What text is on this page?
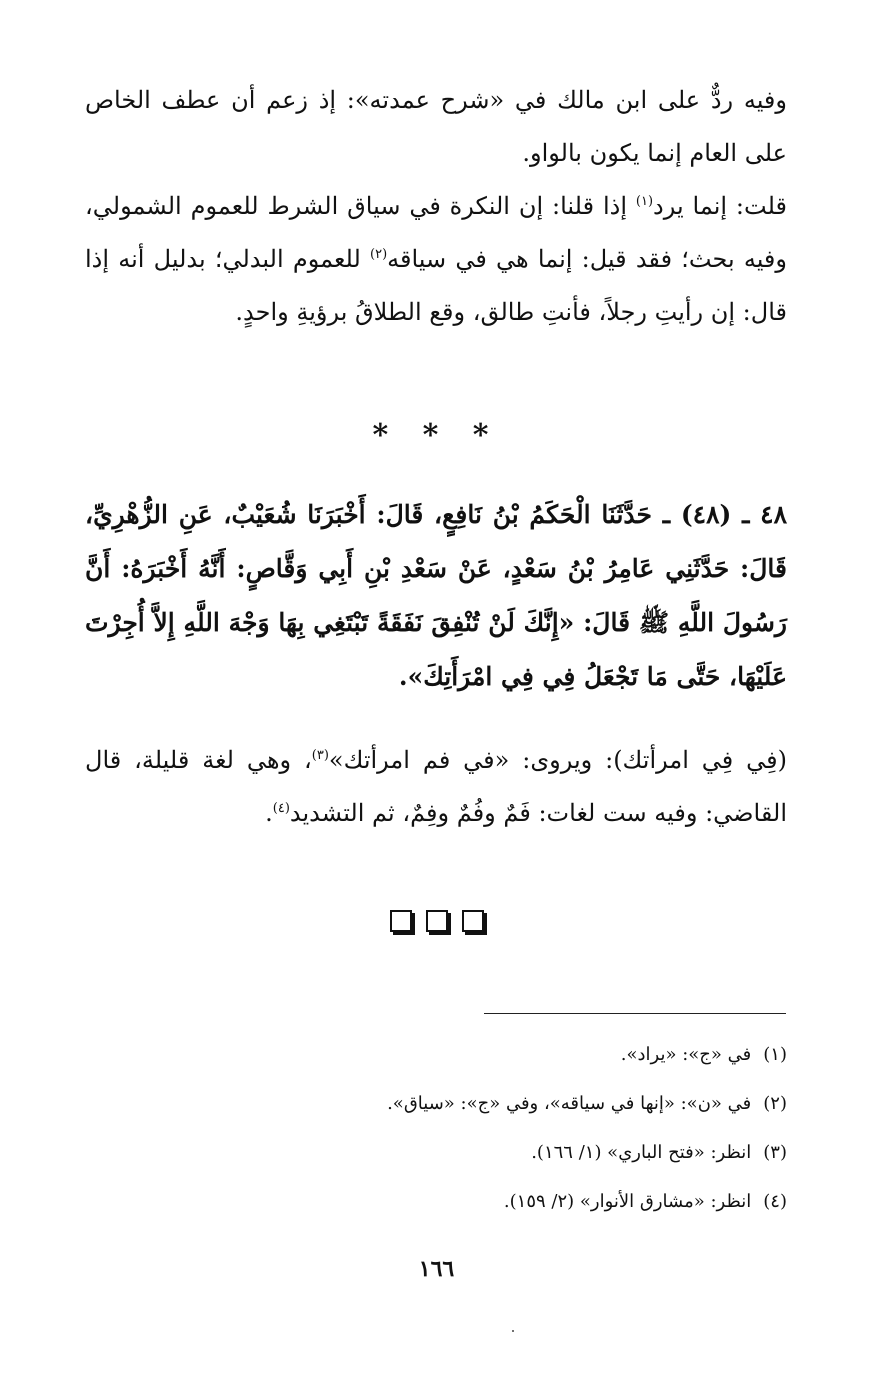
وفيه ردٌّ على ابن مالك في «شرح عمدته»: إذ زعم أن عطف الخاص على العام إنما يكون بالواو.

قلت: إنما يرد$^{(١)}$ إذا قلنا: إن النكرة في سياق الشرط للعموم الشمولي، وفيه بحث؛ فقد قيل: إنما هي في سياقه$^{(٢)}$ للعموم البدلي؛ بدليل أنه إذا قال: إن رأيتِ رجلاً، فأنتِ طالق، وقع الطلاقُ برؤيةِ واحدٍ.

* * *

٤٨ ـ (٤٨) ـ حَدَّثَنَا الْحَكَمُ بْنُ نَافِعٍ، قَالَ: أَخْبَرَنَا شُعَيْبٌ، عَنِ الزُّهْرِيِّ، قَالَ: حَدَّثَنِي عَامِرُ بْنُ سَعْدٍ، عَنْ سَعْدِ بْنِ أَبِي وَقَّاصٍ: أَنَّهُ أَخْبَرَهُ: أَنَّ رَسُولَ اللَّهِ ﷺ قَالَ: «إِنَّكَ لَنْ تُنْفِقَ نَفَقَةً تَبْتَغِي بِهَا وَجْهَ اللَّهِ إِلاَّ أُجِرْتَ عَلَيْهَا، حَتَّى مَا تَجْعَلُ فِي فِي امْرَأَتِكَ».

(فِي فِي امرأتك): ويروى: «في فم امرأتك»$^{(٣)}$، وهي لغة قليلة، قال القاضي: وفيه ست لغات: فَمٌ وفُمٌ وفِمٌ، ثم التشديد$^{(٤)}$.

(١)في «ج»: «يراد».
(٢)في «ن»: «إنها في سياقه»، وفي «ج»: «سياق».
(٣)انظر: «فتح الباري» (١/ ١٦٦).
(٤)انظر: «مشارق الأنوار» (٢/ ١٥٩).
١٦٦
